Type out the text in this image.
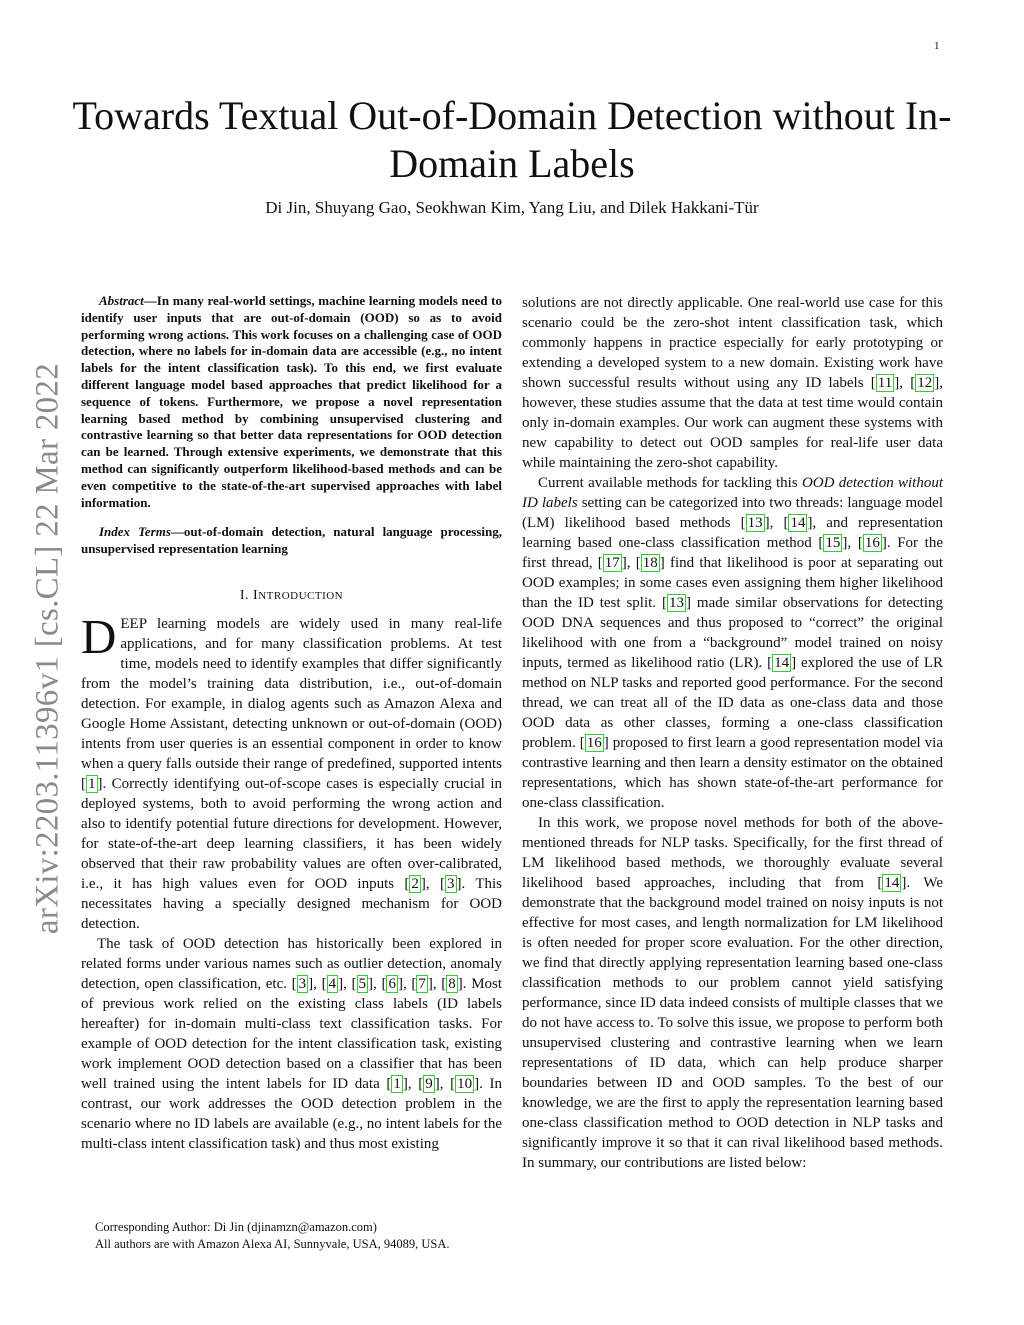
1
arXiv:2203.11396v1 [cs.CL] 22 Mar 2022
Towards Textual Out-of-Domain Detection without In-Domain Labels
Di Jin, Shuyang Gao, Seokhwan Kim, Yang Liu, and Dilek Hakkani-Tür

Abstract—In many real-world settings, machine learning models need to identify user inputs that are out-of-domain (OOD) so as to avoid performing wrong actions. This work focuses on a challenging case of OOD detection, where no labels for in-domain data are accessible (e.g., no intent labels for the intent classification task). To this end, we first evaluate different language model based approaches that predict likelihood for a sequence of tokens. Furthermore, we propose a novel representation learning based method by combining unsupervised clustering and contrastive learning so that better data representations for OOD detection can be learned. Through extensive experiments, we demonstrate that this method can significantly outperform likelihood-based methods and can be even competitive to the state-of-the-art supervised approaches with label information.

Index Terms—out-of-domain detection, natural language processing, unsupervised representation learning

I. INTRODUCTION

DEEP learning models are widely used in many real-life applications, and for many classification problems. At test time, models need to identify examples that differ significantly from the model’s training data distribution, i.e., out-of-domain detection. For example, in dialog agents such as Amazon Alexa and Google Home Assistant, detecting unknown or out-of-domain (OOD) intents from user queries is an essential component in order to know when a query falls outside their range of predefined, supported intents [ 1 ]. Correctly identifying out-of-scope cases is especially crucial in deployed systems, both to avoid performing the wrong action and also to identify potential future directions for development. However, for state-of-the-art deep learning classifiers, it has been widely observed that their raw probability values are often over-calibrated, i.e., it has high values even for OOD inputs [ 2 ], [ 3 ]. This necessitates having a specially designed mechanism for OOD detection.

The task of OOD detection has historically been explored in related forms under various names such as outlier detection, anomaly detection, open classification, etc. [ 3 ], [ 4 ], [ 5 ], [ 6 ], [ 7 ], [ 8 ]. Most of previous work relied on the existing class labels (ID labels hereafter) for in-domain multi-class text classification tasks. For example of OOD detection for the intent classification task, existing work implement OOD detection based on a classifier that has been well trained using the intent labels for ID data [ 1 ], [ 9 ], [ 10 ]. In contrast, our work addresses the OOD detection problem in the scenario where no ID labels are available (e.g., no intent labels for the multi-class intent classification task) and thus most existing

solutions are not directly applicable. One real-world use case for this scenario could be the zero-shot intent classification task, which commonly happens in practice especially for early prototyping or extending a developed system to a new domain. Existing work have shown successful results without using any ID labels [ 11 ], [ 12 ], however, these studies assume that the data at test time would contain only in-domain examples. Our work can augment these systems with new capability to detect out OOD samples for real-life user data while maintaining the zero-shot capability.

Current available methods for tackling this OOD detection without ID labels setting can be categorized into two threads: language model (LM) likelihood based methods [ 13 ], [ 14 ], and representation learning based one-class classification method [ 15 ], [ 16 ]. For the first thread, [ 17 ], [ 18 ] find that likelihood is poor at separating out OOD examples; in some cases even assigning them higher likelihood than the ID test split. [ 13 ] made similar observations for detecting OOD DNA sequences and thus proposed to “correct” the original likelihood with one from a “background” model trained on noisy inputs, termed as likelihood ratio (LR). [ 14 ] explored the use of LR method on NLP tasks and reported good performance. For the second thread, we can treat all of the ID data as one-class data and those OOD data as other classes, forming a one-class classification problem. [ 16 ] proposed to first learn a good representation model via contrastive learning and then learn a density estimator on the obtained representations, which has shown state-of-the-art performance for one-class classification.

In this work, we propose novel methods for both of the above-mentioned threads for NLP tasks. Specifically, for the first thread of LM likelihood based methods, we thoroughly evaluate several likelihood based approaches, including that from [ 14 ]. We demonstrate that the background model trained on noisy inputs is not effective for most cases, and length normalization for LM likelihood is often needed for proper score evaluation. For the other direction, we find that directly applying representation learning based one-class classification methods to our problem cannot yield satisfying performance, since ID data indeed consists of multiple classes that we do not have access to. To solve this issue, we propose to perform both unsupervised clustering and contrastive learning when we learn representations of ID data, which can help produce sharper boundaries between ID and OOD samples. To the best of our knowledge, we are the first to apply the representation learning based one-class classification method to OOD detection in NLP tasks and significantly improve it so that it can rival likelihood based methods. In summary, our contributions are listed below:

Corresponding Author: Di Jin (djinamzn@amazon.com)

All authors are with Amazon Alexa AI, Sunnyvale, USA, 94089, USA.
